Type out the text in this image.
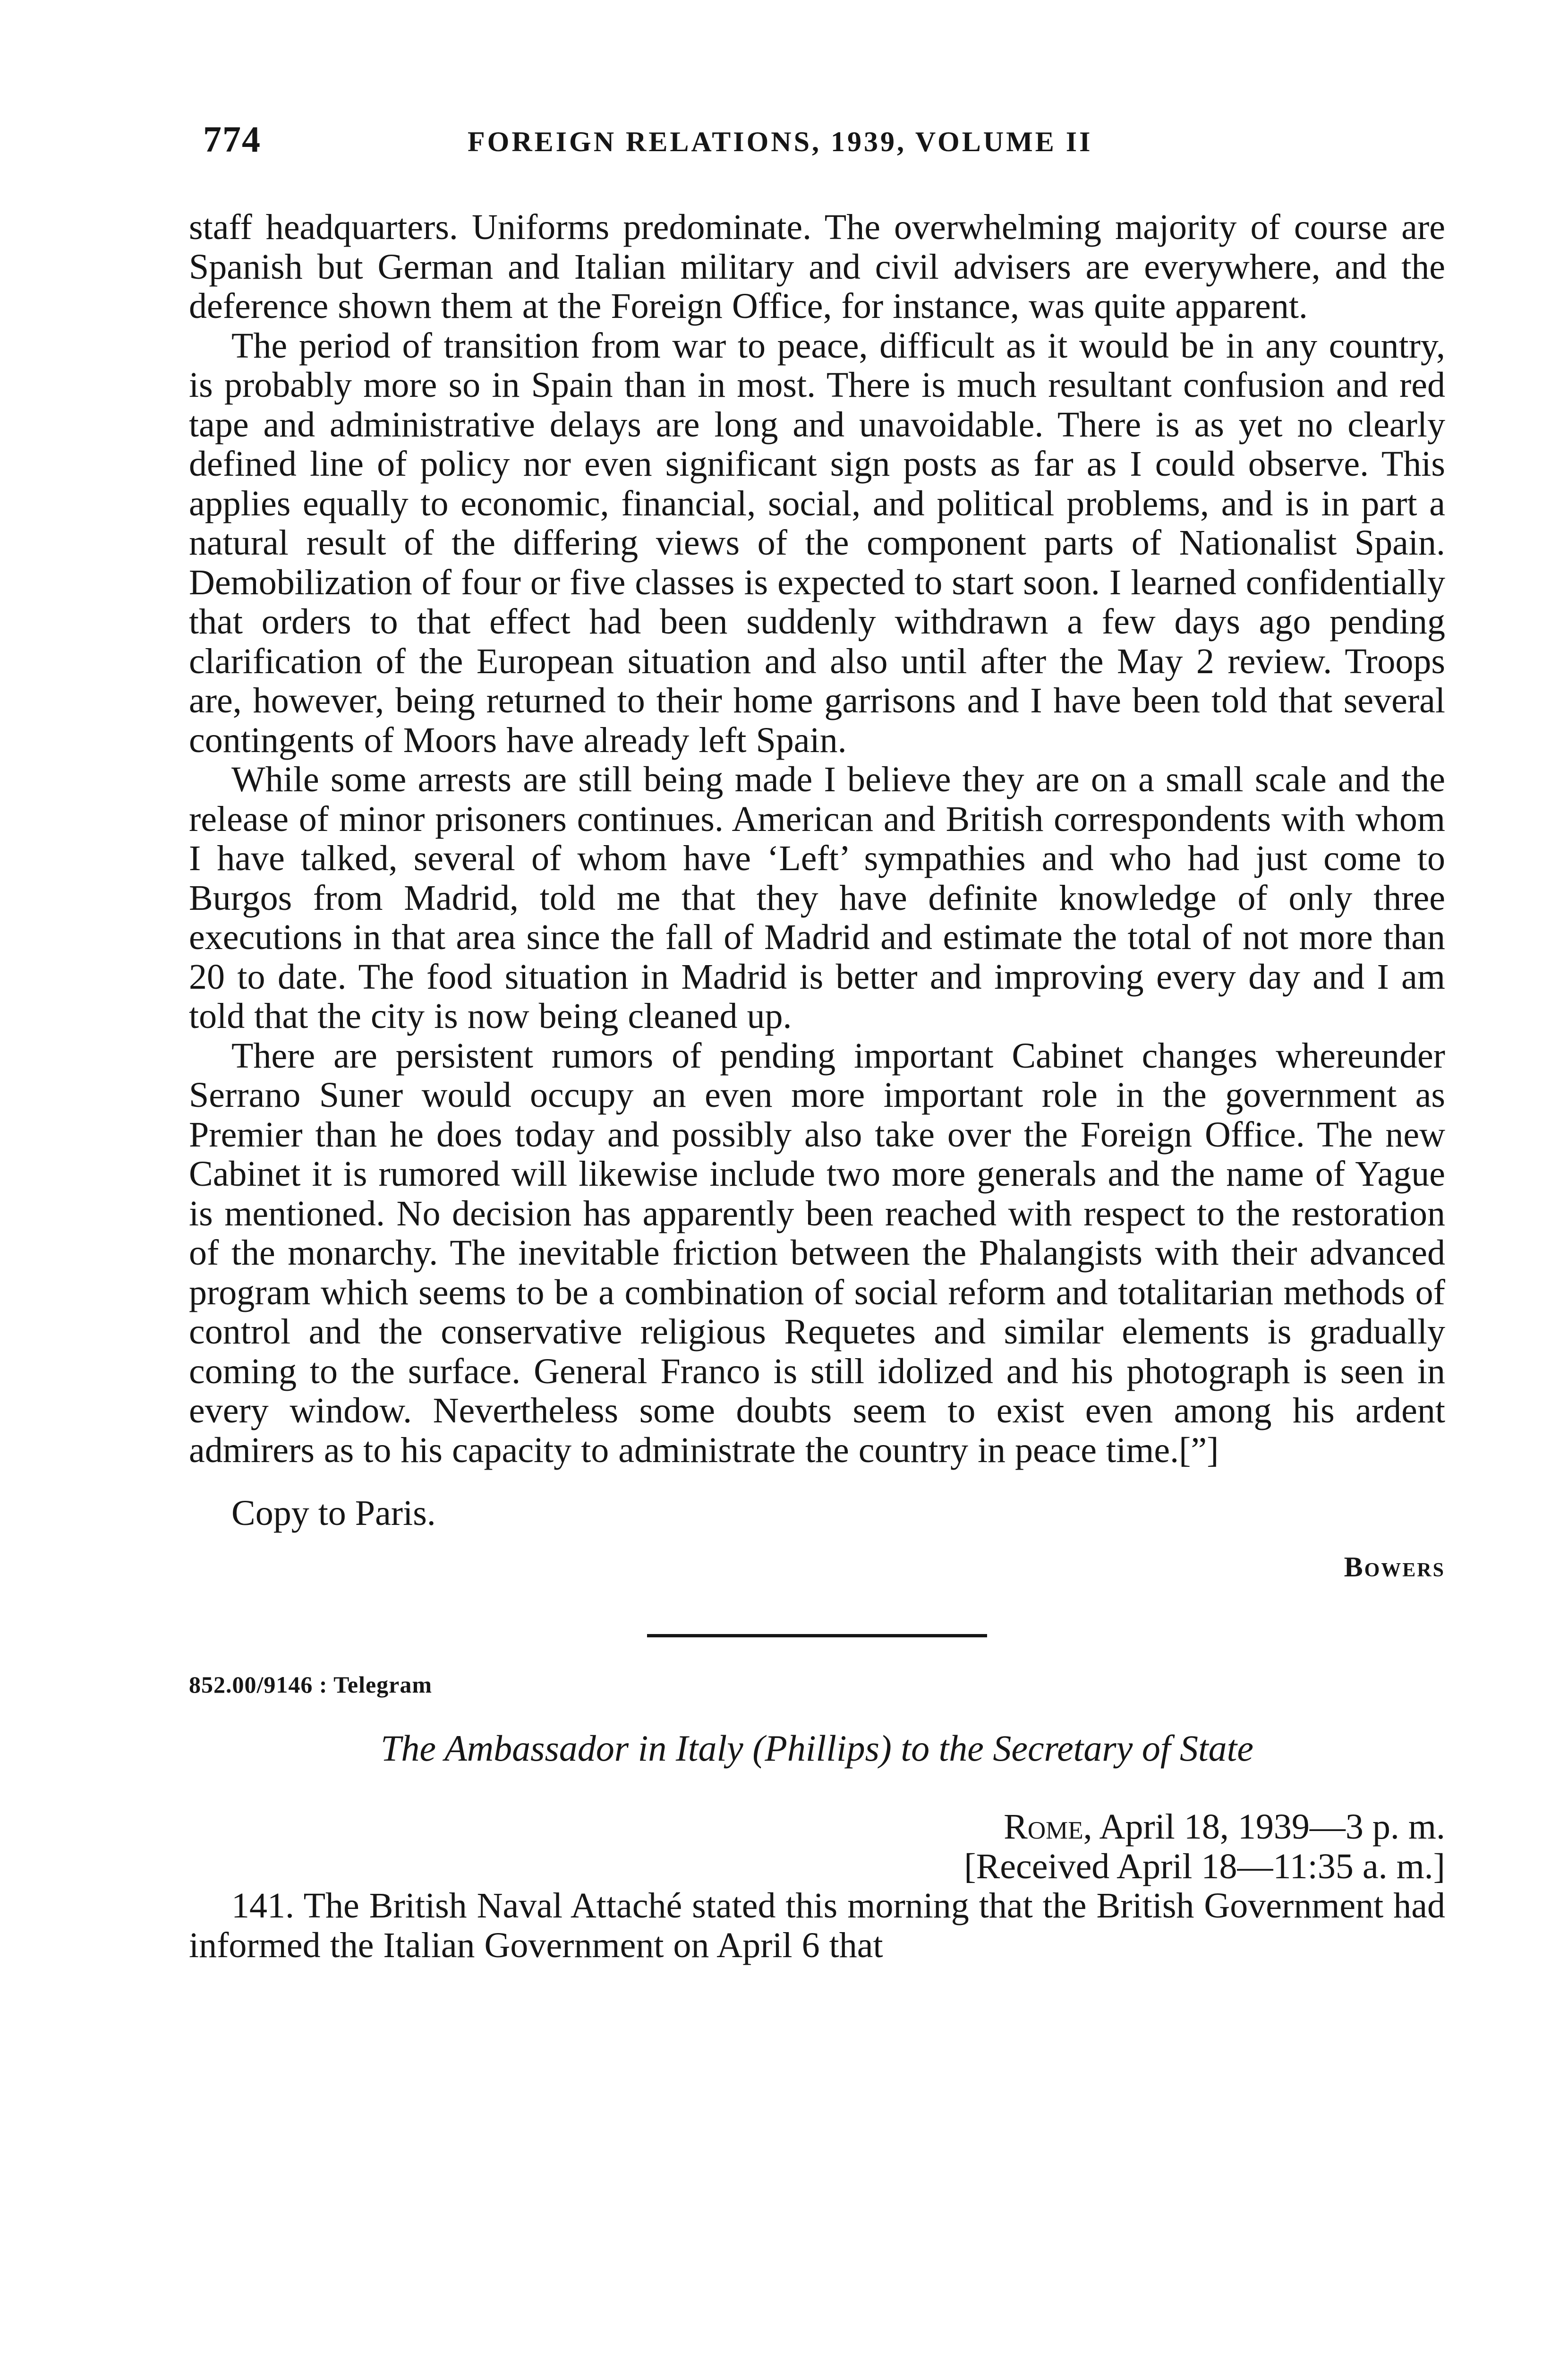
774	FOREIGN RELATIONS, 1939, VOLUME II

staff headquarters. Uniforms predominate. The overwhelming majority of course are Spanish but German and Italian military and civil advisers are everywhere, and the deference shown them at the Foreign Office, for instance, was quite apparent.

The period of transition from war to peace, difficult as it would be in any country, is probably more so in Spain than in most. There is much resultant confusion and red tape and administrative delays are long and unavoidable. There is as yet no clearly defined line of policy nor even significant sign posts as far as I could observe. This applies equally to economic, financial, social, and political problems, and is in part a natural result of the differing views of the component parts of Nationalist Spain. Demobilization of four or five classes is expected to start soon. I learned confidentially that orders to that effect had been suddenly withdrawn a few days ago pending clarification of the European situation and also until after the May 2 review. Troops are, however, being returned to their home garrisons and I have been told that several contingents of Moors have already left Spain.

While some arrests are still being made I believe they are on a small scale and the release of minor prisoners continues. American and British correspondents with whom I have talked, several of whom have ‘Left’ sympathies and who had just come to Burgos from Madrid, told me that they have definite knowledge of only three executions in that area since the fall of Madrid and estimate the total of not more than 20 to date. The food situation in Madrid is better and improving every day and I am told that the city is now being cleaned up.

There are persistent rumors of pending important Cabinet changes whereunder Serrano Suner would occupy an even more important role in the government as Premier than he does today and possibly also take over the Foreign Office. The new Cabinet it is rumored will likewise include two more generals and the name of Yague is mentioned. No decision has apparently been reached with respect to the restoration of the monarchy. The inevitable friction between the Phalangists with their advanced program which seems to be a combination of social reform and totalitarian methods of control and the conservative religious Requetes and similar elements is gradually coming to the surface. General Franco is still idolized and his photograph is seen in every window. Nevertheless some doubts seem to exist even among his ardent admirers as to his capacity to administrate the country in peace time.[”]

Copy to Paris.

Bowers

852.00/9146 : Telegram

The Ambassador in Italy (Phillips) to the Secretary of State

Rome, April 18, 1939—3 p. m.

[Received April 18—11:35 a. m.]

141. The British Naval Attaché stated this morning that the British Government had informed the Italian Government on April 6 that
